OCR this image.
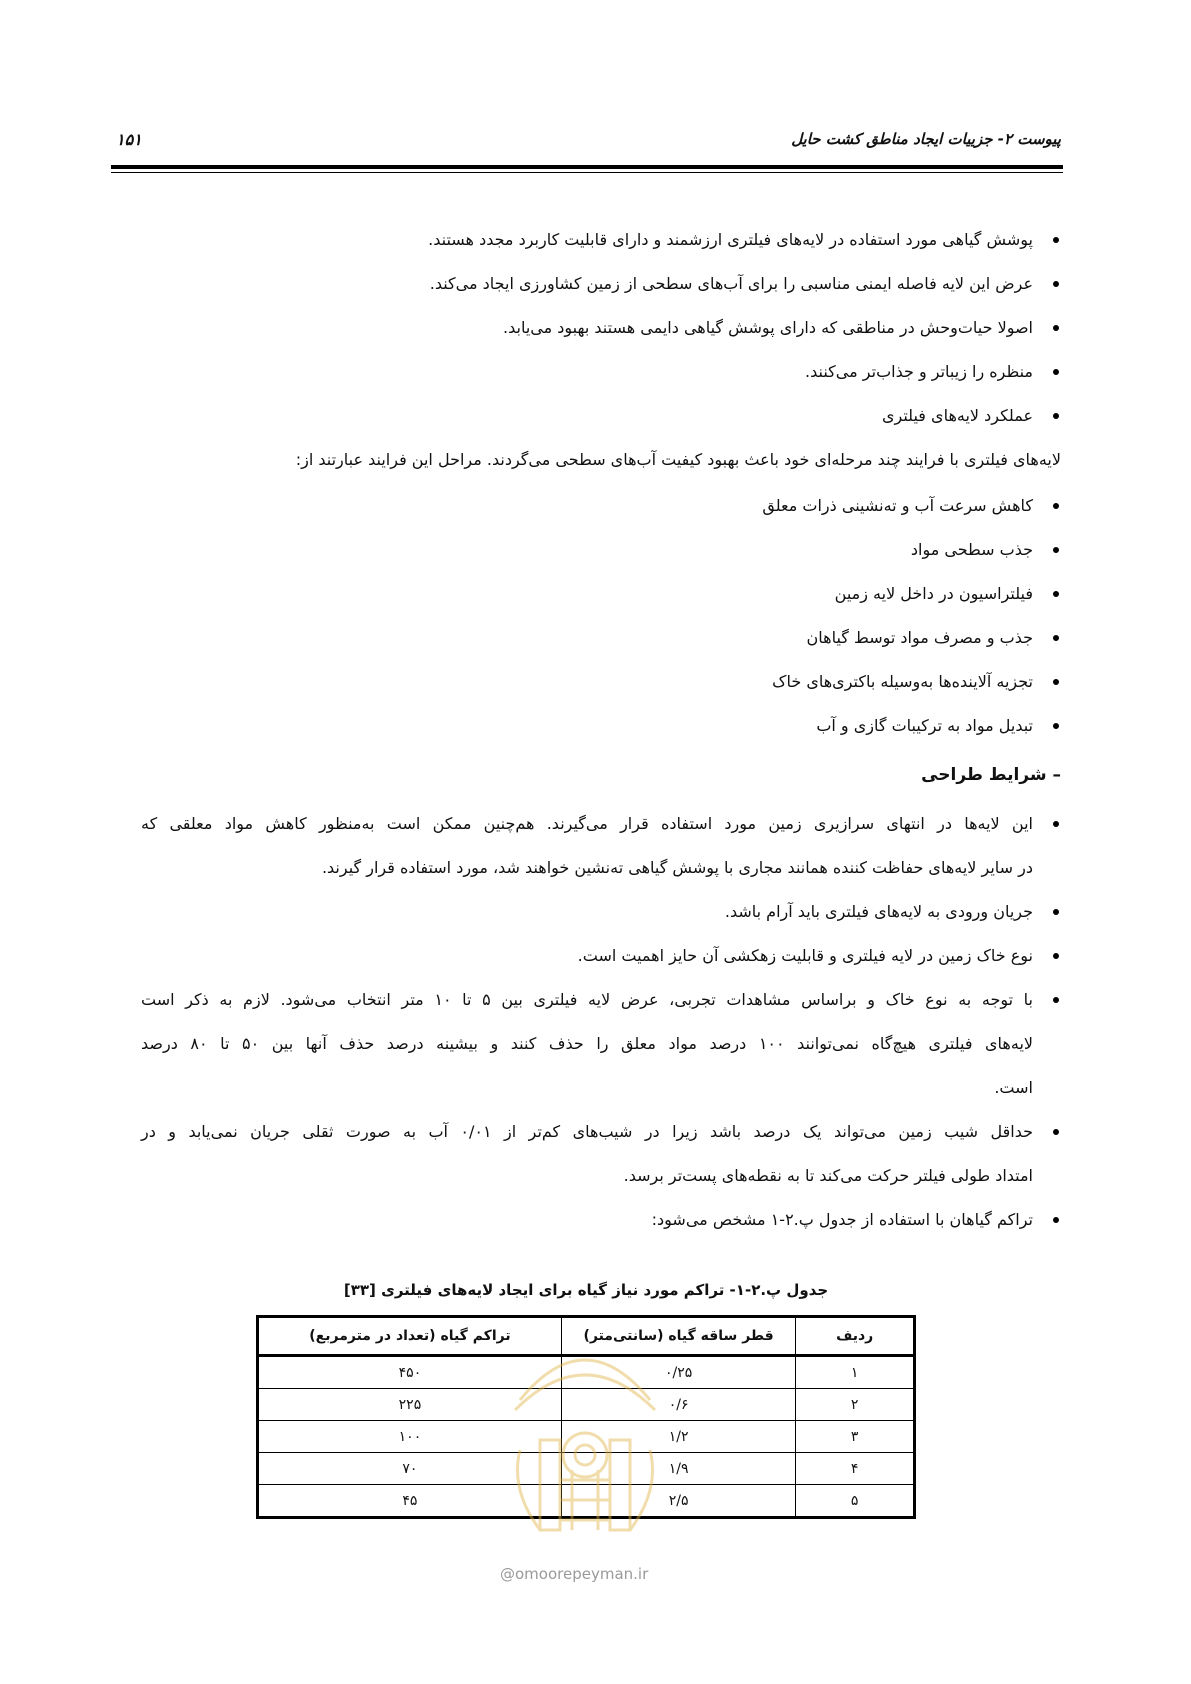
پیوست ۲- جزییات ایجاد مناطق کشت حایل
۱۵۱
پوشش گیاهی مورد استفاده در لایه‌های فیلتری ارزشمند و دارای قابلیت کاربرد مجدد هستند.
عرض این لایه فاصله ایمنی مناسبی را برای آب‌های سطحی از زمین کشاورزی ایجاد می‌کند.
اصولا حیات‌وحش در مناطقی که دارای پوشش گیاهی دایمی هستند بهبود می‌یابد.
منظره را زیباتر و جذاب‌تر می‌کنند.
عملکرد لایه‌های فیلتری
لایه‌های فیلتری با فرایند چند مرحله‌ای خود باعث بهبود کیفیت آب‌های سطحی می‌گردند. مراحل این فرایند عبارتند از:
کاهش سرعت آب و ته‌نشینی ذرات معلق
جذب سطحی مواد
فیلتراسیون در داخل لایه زمین
جذب و مصرف مواد توسط گیاهان
تجزیه آلاینده‌ها به‌وسیله باکتری‌های خاک
تبدیل مواد به ترکیبات گازی و آب
– شرایط طراحی
این لایه‌ها در انتهای سرازیری زمین مورد استفاده قرار می‌گیرند. هم‌چنین ممکن است به‌منظور کاهش مواد معلقی که
در سایر لایه‌های حفاظت کننده همانند مجاری با پوشش گیاهی ته‌نشین خواهند شد، مورد استفاده قرار گیرند.
جریان ورودی به لایه‌های فیلتری باید آرام باشد.
نوع خاک زمین در لایه فیلتری و قابلیت زهکشی آن حایز اهمیت است.
با توجه به نوع خاک و براساس مشاهدات تجربی، عرض لایه فیلتری بین ۵ تا ۱۰ متر انتخاب می‌شود. لازم به ذکر است
لایه‌های فیلتری هیچ‌گاه نمی‌توانند ۱۰۰ درصد مواد معلق را حذف کنند و بیشینه درصد حذف آنها بین ۵۰ تا ۸۰ درصد
است.
حداقل شیب زمین می‌تواند یک درصد باشد زیرا در شیب‌های کم‌تر از ۰/۰۱ آب به صورت ثقلی جریان نمی‌یابد و در
امتداد طولی فیلتر حرکت می‌کند تا به نقطه‌های پست‌تر برسد.
تراکم گیاهان با استفاده از جدول پ.۲-۱ مشخص می‌شود:
جدول پ.۲-۱- تراکم مورد نیاز گیاه برای ایجاد لایه‌های فیلتری [۳۳]
ردیف	قطر ساقه گیاه (سانتی‌متر)	تراکم گیاه (تعداد در مترمربع)
۱	۰/۲۵	۴۵۰
۲	۰/۶	۲۲۵
۳	۱/۲	۱۰۰
۴	۱/۹	۷۰
۵	۲/۵	۴۵
@omoorepeyman.ir
